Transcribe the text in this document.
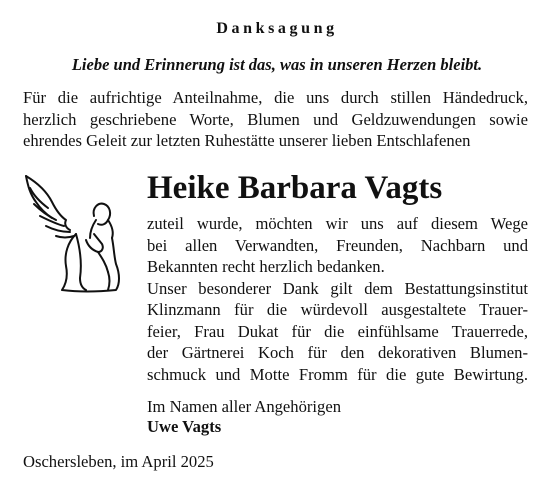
Danksagung
Liebe und Erinnerung ist das, was in unseren Herzen bleibt.
Für die aufrichtige Anteilnahme, die uns durch stillen Händedruck,
herzlich geschriebene Worte, Blumen und Geldzuwendungen sowie
ehrendes Geleit zur letzten Ruhestätte unserer lieben Entschlafenen
Heike Barbara Vagts
zuteil wurde, möchten wir uns auf diesem Wege
bei allen Verwandten, Freunden, Nachbarn und
Bekannten recht herzlich bedanken.
Unser besonderer Dank gilt dem Bestattungsinstitut
Klinzmann für die würdevoll ausgestaltete Trauer-
feier, Frau Dukat für die einfühlsame Trauerrede,
der Gärtnerei Koch für den dekorativen Blumen-
schmuck und Motte Fromm für die gute Bewirtung.
Im Namen aller Angehörigen
Uwe Vagts
Oschersleben, im April 2025
